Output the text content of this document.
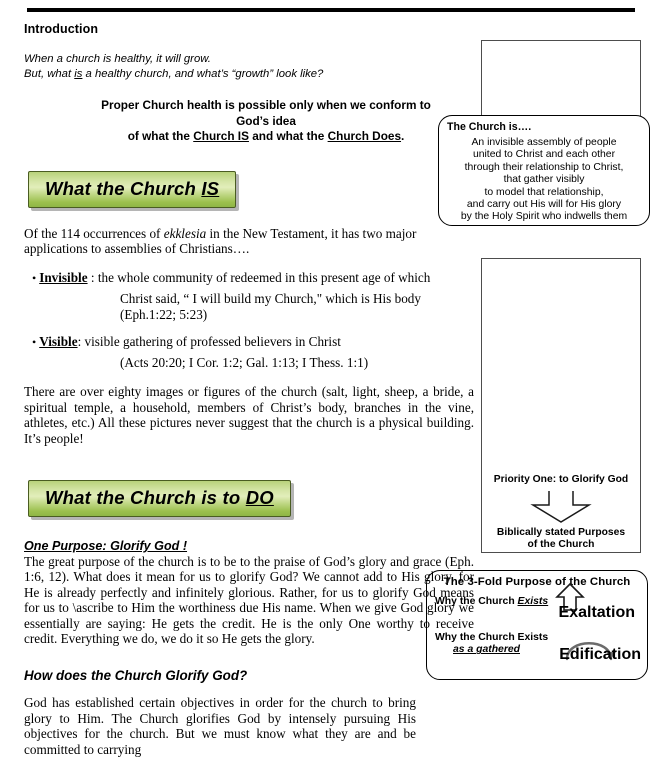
The Church is….
An invisible assembly of people
united to Christ and each other
through their relationship to Christ,
that gather visibly
to model that relationship,
and carry out His will for His glory
by the Holy Spirit who indwells them
Priority One: to Glorify God
Biblically stated Purposes
of the Church
The 3-Fold Purpose of the Church
Why the Church Exists
Exaltation
Why the Church Exists
as a gathered	Edification
Introduction
When a church is healthy, it will grow.
But, what is a healthy church, and what’s “growth” look like?
Proper Church health is possible only when we conform to
God’s idea
of what the Church IS and what the Church Does.
What the Church IS

Of the 114 occurrences of ekklesia in the New Testament, it has two major applications to assemblies of Christians….

• Invisible : the whole community of redeemed in this present age of which

Christ said, “ I will build my Church," which is His body (Eph.1:22; 5:23)

• Visible: visible gathering of professed believers in Christ

(Acts 20:20; I Cor. 1:2; Gal. 1:13; I Thess. 1:1)

There are over eighty images or figures of the church (salt, light, sheep, a bride, a spiritual temple, a household, members of Christ’s body, branches in the vine, athletes, etc.) All these pictures never suggest that the church is a physical building. It’s people!

What the Church is to DO

One Purpose: Glorify God !

The great purpose of the church is to be to the praise of God’s glory and grace (Eph. 1:6, 12). What does it mean for us to glorify God? We cannot add to His glory, for He is already perfectly and infinitely glorious. Rather, for us to glorify God means for us to \ascribe to Him the worthiness due His name. When we give God glory we essentially are saying: He gets the credit. He is the only One worthy to receive credit. Everything we do, we do it so He gets the glory.

How does the Church Glorify God?

God has established certain objectives in order for the church to bring glory to Him. The Church glorifies God by intensely pursuing His objectives for the church. But we must know what they are and be committed to carrying
